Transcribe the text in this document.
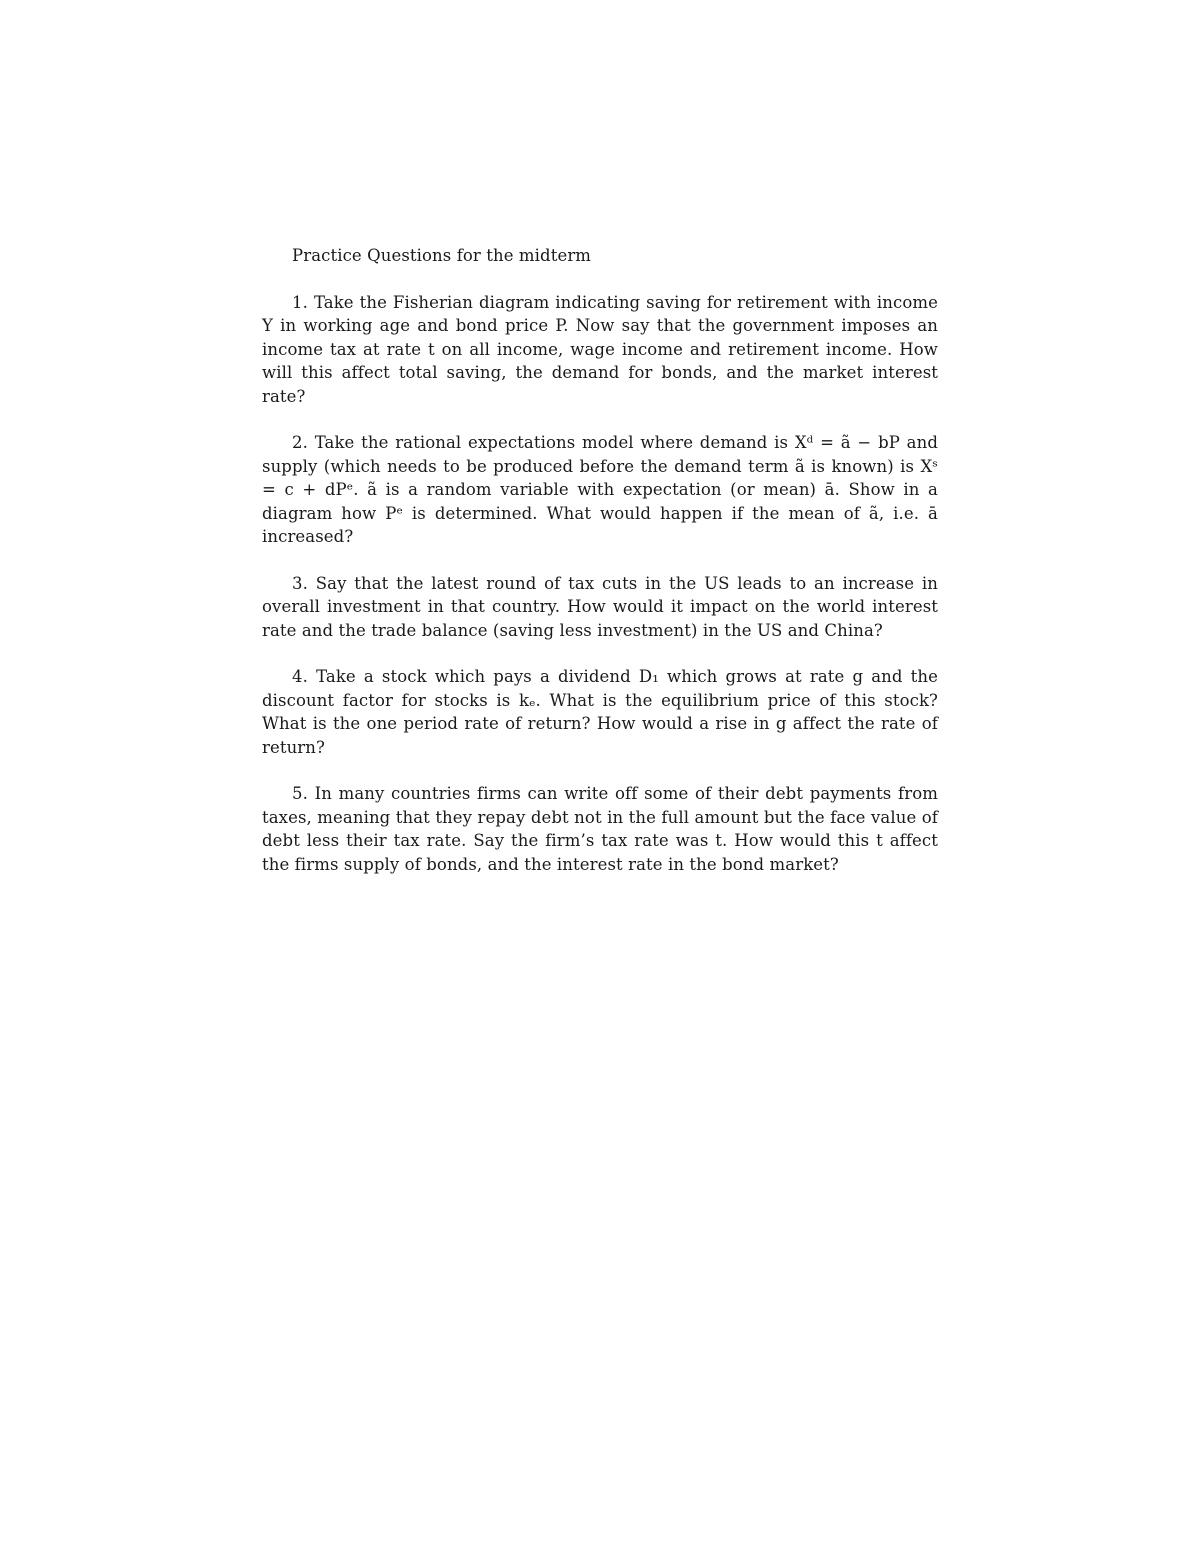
Practice Questions for the midterm

1. Take the Fisherian diagram indicating saving for retirement with income Y in working age and bond price P. Now say that the government imposes an income tax at rate t on all income, wage income and retirement income. How will this affect total saving, the demand for bonds, and the market interest rate?

2. Take the rational expectations model where demand is Xᵈ = ã − bP and supply (which needs to be produced before the demand term ã is known) is Xˢ = c + dPᵉ. ã is a random variable with expectation (or mean) ā. Show in a diagram how Pᵉ is determined. What would happen if the mean of ã, i.e. ā increased?

3. Say that the latest round of tax cuts in the US leads to an increase in overall investment in that country. How would it impact on the world interest rate and the trade balance (saving less investment) in the US and China?

4. Take a stock which pays a dividend D₁ which grows at rate g and the discount factor for stocks is kₑ. What is the equilibrium price of this stock? What is the one period rate of return? How would a rise in g affect the rate of return?

5. In many countries firms can write off some of their debt payments from taxes, meaning that they repay debt not in the full amount but the face value of debt less their tax rate. Say the firm’s tax rate was t. How would this t affect the firms supply of bonds, and the interest rate in the bond market?
